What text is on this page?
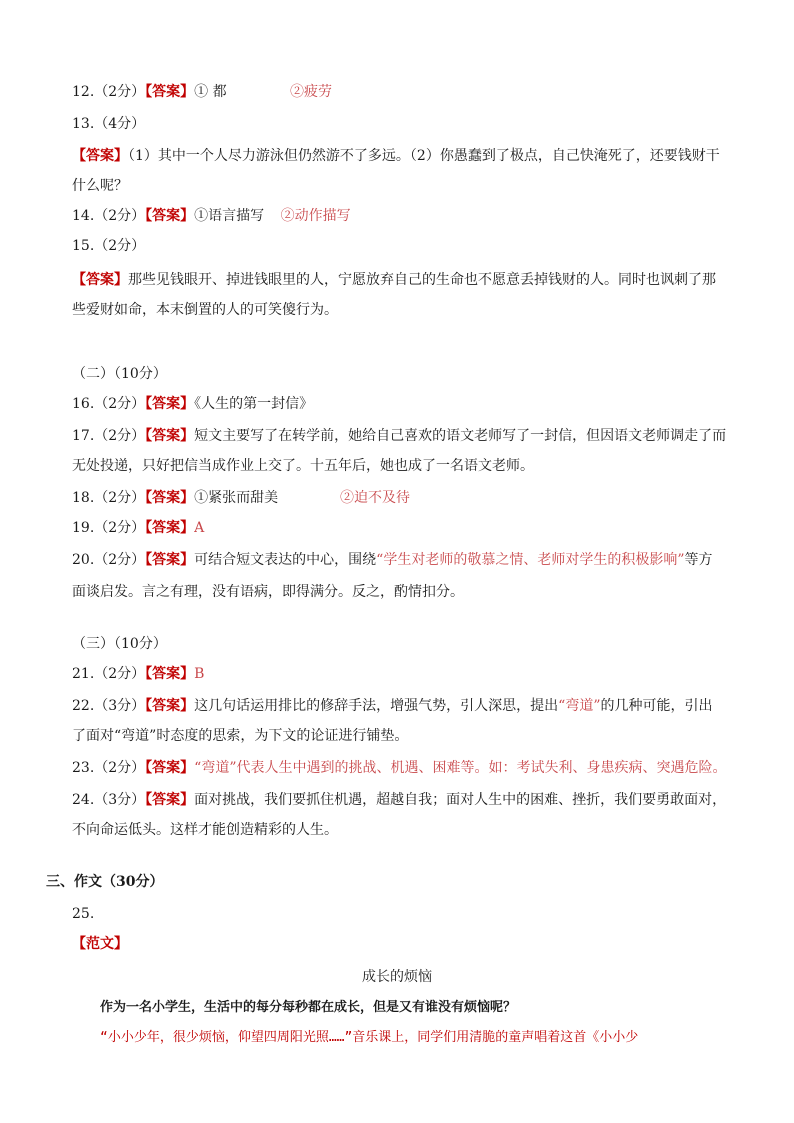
12.（2分）【答案】① 都	②疲劳
13.（4分）
【答案】（1）其中一个人尽力游泳但仍然游不了多远。（2）你愚蠢到了极点，自己快淹死了，还要钱财干
什么呢？
14.（2分）【答案】①语言描写 ②动作描写
15.（2分）
【答案】那些见钱眼开、掉进钱眼里的人，宁愿放弃自己的生命也不愿意丢掉钱财的人。同时也讽刺了那
些爱财如命，本末倒置的人的可笑傻行为。
（二）（10分）
16.（2分）【答案】《人生的第一封信》
17.（2分）【答案】短文主要写了在转学前，她给自己喜欢的语文老师写了一封信，但因语文老师调走了而
无处投递，只好把信当成作业上交了。十五年后，她也成了一名语文老师。
18.（2分）【答案】①紧张而甜美	②迫不及待
19.（2分）【答案】A
20.（2分）【答案】可结合短文表达的中心，围绕“学生对老师的敬慕之情、老师对学生的积极影响”等方
面谈启发。言之有理，没有语病，即得满分。反之，酌情扣分。
（三）（10分）
21.（2分）【答案】B
22.（3分）【答案】这几句话运用排比的修辞手法，增强气势，引人深思，提出“弯道”的几种可能，引出
了面对“弯道”时态度的思索，为下文的论证进行铺垫。
23.（2分）【答案】“弯道”代表人生中遇到的挑战、机遇、困难等。如：考试失利、身患疾病、突遇危险。
24.（3分）【答案】面对挑战，我们要抓住机遇，超越自我；面对人生中的困难、挫折，我们要勇敢面对，
不向命运低头。这样才能创造精彩的人生。
三、作文（30分）
25.
【范文】
成长的烦恼
作为一名小学生，生活中的每分每秒都在成长，但是又有谁没有烦恼呢？
“小小少年，很少烦恼，仰望四周阳光照……”音乐课上，同学们用清脆的童声唱着这首《小小少
